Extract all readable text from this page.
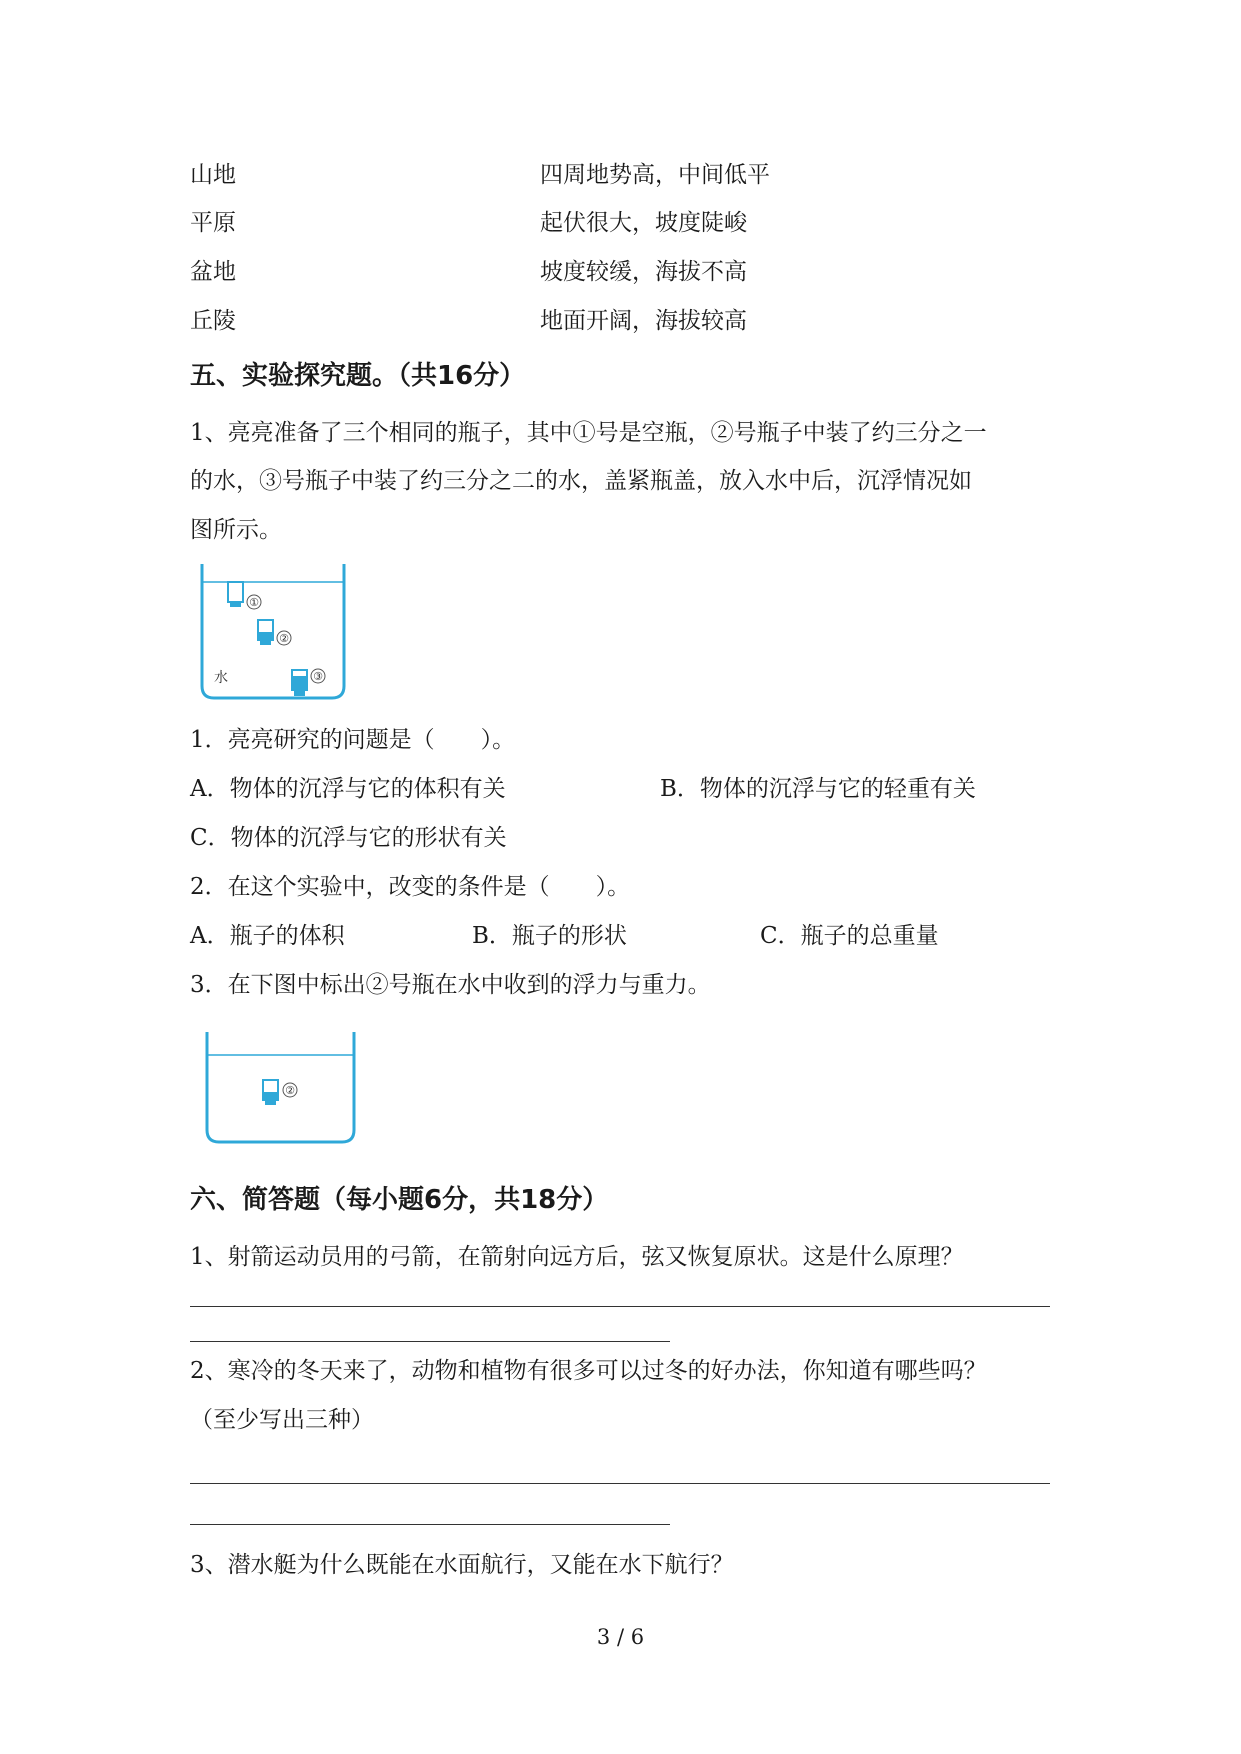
山地	四周地势高，中间低平
平原	起伏很大，坡度陡峻
盆地	坡度较缓，海拔不高
丘陵	地面开阔，海拔较高
五、实验探究题。（共16分）
1、亮亮准备了三个相同的瓶子，其中①号是空瓶，②号瓶子中装了约三分之一
的水，③号瓶子中装了约三分之二的水，盖紧瓶盖，放入水中后，沉浮情况如
图所示。
①
②
③
水
1．亮亮研究的问题是（　　）。
A．物体的沉浮与它的体积有关	B．物体的沉浮与它的轻重有关
C．物体的沉浮与它的形状有关
2．在这个实验中，改变的条件是（　　）。
A．瓶子的体积	B．瓶子的形状	C．瓶子的总重量
3．在下图中标出②号瓶在水中收到的浮力与重力。
②
六、简答题（每小题6分，共18分）
1、射箭运动员用的弓箭，在箭射向远方后，弦又恢复原状。这是什么原理？
2、寒冷的冬天来了，动物和植物有很多可以过冬的好办法，你知道有哪些吗？
（至少写出三种）
3、潜水艇为什么既能在水面航行，又能在水下航行？
3 / 6
